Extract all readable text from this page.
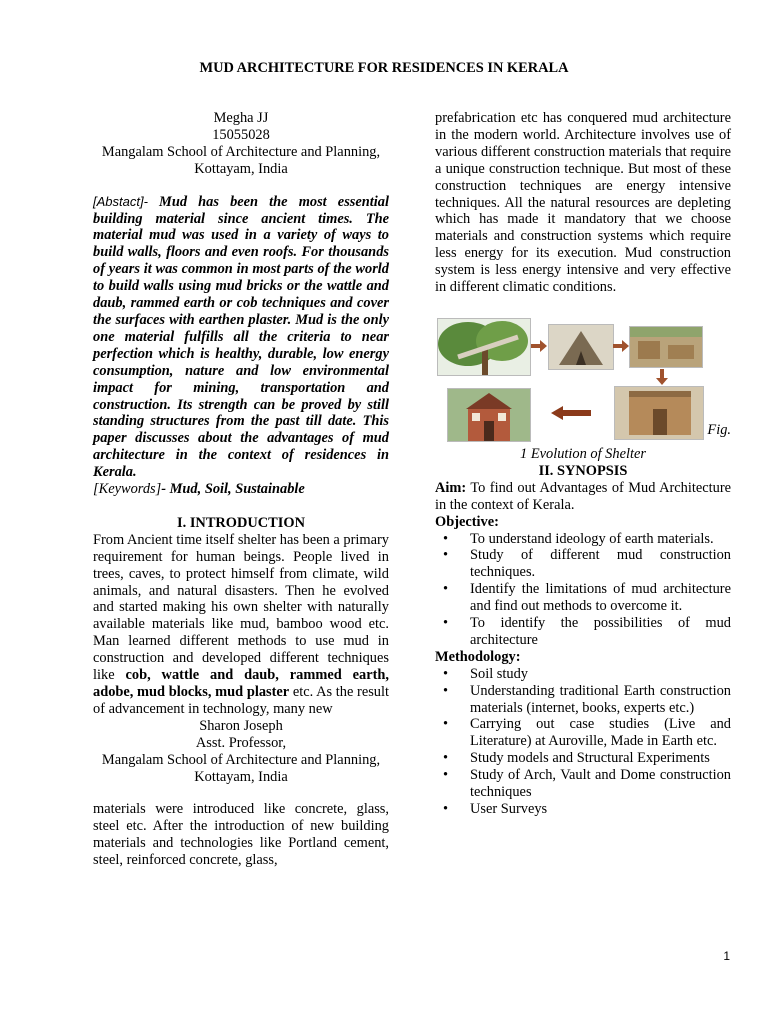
MUD ARCHITECTURE FOR RESIDENCES IN KERALA
Megha JJ
15055028
Mangalam School of Architecture and Planning,
Kottayam, India
[Abstact]- Mud has been the most essential building material since ancient times. The material mud was used in a variety of ways to build walls, floors and even roofs. For thousands of years it was common in most parts of the world to build walls using mud bricks or the wattle and daub, rammed earth or cob techniques and cover the surfaces with earthen plaster. Mud is the only one material fulfills all the criteria to near perfection which is healthy, durable, low energy consumption, nature and low environmental impact for mining, transportation and construction. Its strength can be proved by still standing structures from the past till date. This paper discusses about the advantages of mud architecture in the context of residences in Kerala.
[Keywords]- Mud, Soil, Sustainable
I. INTRODUCTION
From Ancient time itself shelter has been a primary requirement for human beings. People lived in trees, caves, to protect himself from climate, wild animals, and natural disasters. Then he evolved and started making his own shelter with naturally available materials like mud, bamboo wood etc. Man learned different methods to use mud in construction and developed different techniques like cob, wattle and daub, rammed earth, adobe, mud blocks, mud plaster etc. As the result of advancement in technology, many new
Sharon Joseph
Asst. Professor,
Mangalam School of Architecture and Planning,
Kottayam, India
materials were introduced like concrete, glass, steel etc. After the introduction of new building materials and technologies like Portland cement, steel, reinforced concrete, glass,
prefabrication etc has conquered mud architecture in the modern world. Architecture involves use of various different construction materials that require a unique construction technique. But most of these construction techniques are energy intensive techniques. All the natural resources are depleting which has made it mandatory that we choose materials and construction systems which require less energy for its execution. Mud construction system is less energy intensive and very effective in different climatic conditions.
Fig.
1 Evolution of Shelter
II. SYNOPSIS
Aim: To find out Advantages of Mud Architecture in the context of Kerala.
Objective:
• To understand ideology of earth materials.
• Study of different mud construction techniques.
• Identify the limitations of mud architecture and find out methods to overcome it.
• To identify the possibilities of mud architecture
Methodology:
• Soil study
• Understanding traditional Earth construction materials (internet, books, experts etc.)
• Carrying out case studies (Live and Literature) at Auroville, Made in Earth etc.
• Study models and Structural Experiments
• Study of Arch, Vault and Dome construction techniques
• User Surveys
1
